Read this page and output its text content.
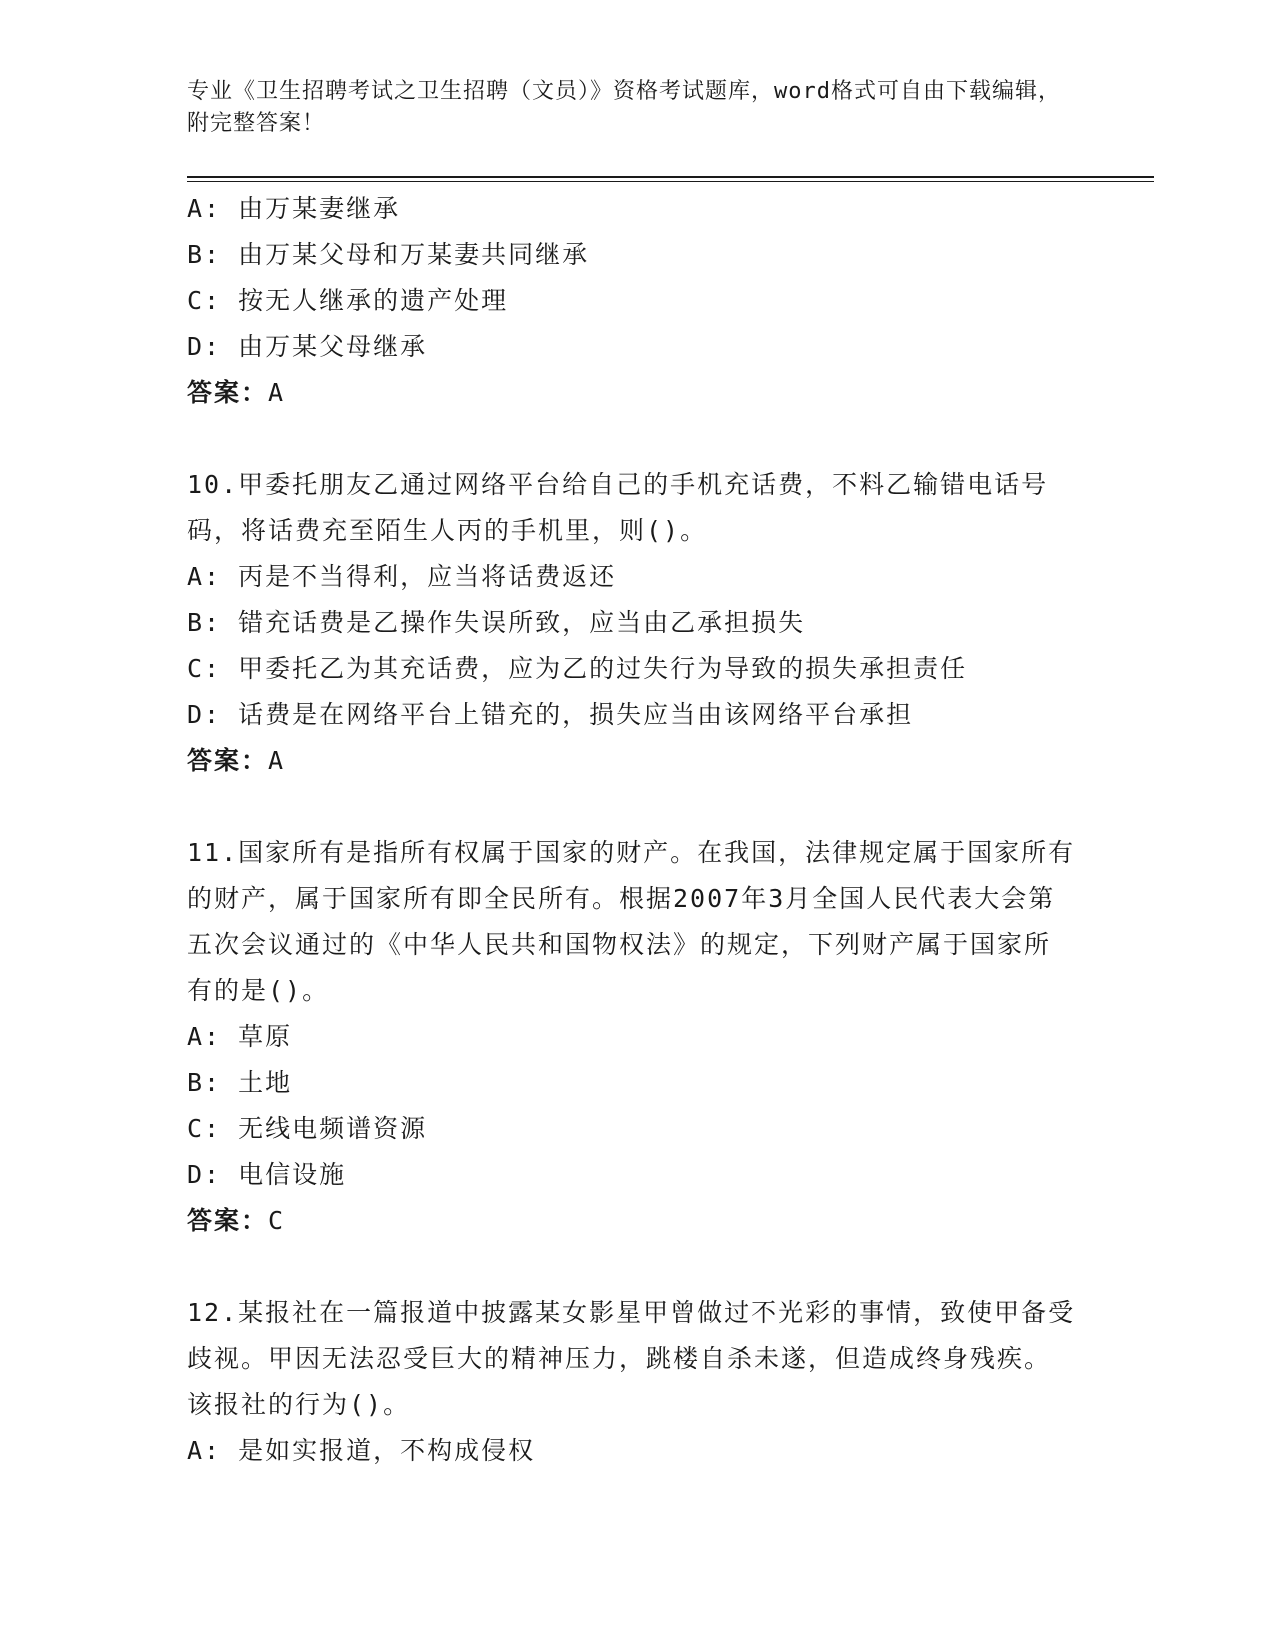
专业《卫生招聘考试之卫生招聘（文员）》资格考试题库，word格式可自由下载编辑，附完整答案！

A: 由万某妻继承

B: 由万某父母和万某妻共同继承

C: 按无人继承的遗产处理

D: 由万某父母继承

答案：A

10.甲委托朋友乙通过网络平台给自己的手机充话费，不料乙输错电话号码，将话费充至陌生人丙的手机里，则()。

A: 丙是不当得利，应当将话费返还

B: 错充话费是乙操作失误所致，应当由乙承担损失

C: 甲委托乙为其充话费，应为乙的过失行为导致的损失承担责任

D: 话费是在网络平台上错充的，损失应当由该网络平台承担

答案：A

11.国家所有是指所有权属于国家的财产。在我国，法律规定属于国家所有的财产，属于国家所有即全民所有。根据2007年3月全国人民代表大会第五次会议通过的《中华人民共和国物权法》的规定，下列财产属于国家所有的是()。

A: 草原

B: 土地

C: 无线电频谱资源

D: 电信设施

答案：C

12.某报社在一篇报道中披露某女影星甲曾做过不光彩的事情，致使甲备受歧视。甲因无法忍受巨大的精神压力，跳楼自杀未遂，但造成终身残疾。该报社的行为()。

A: 是如实报道，不构成侵权
